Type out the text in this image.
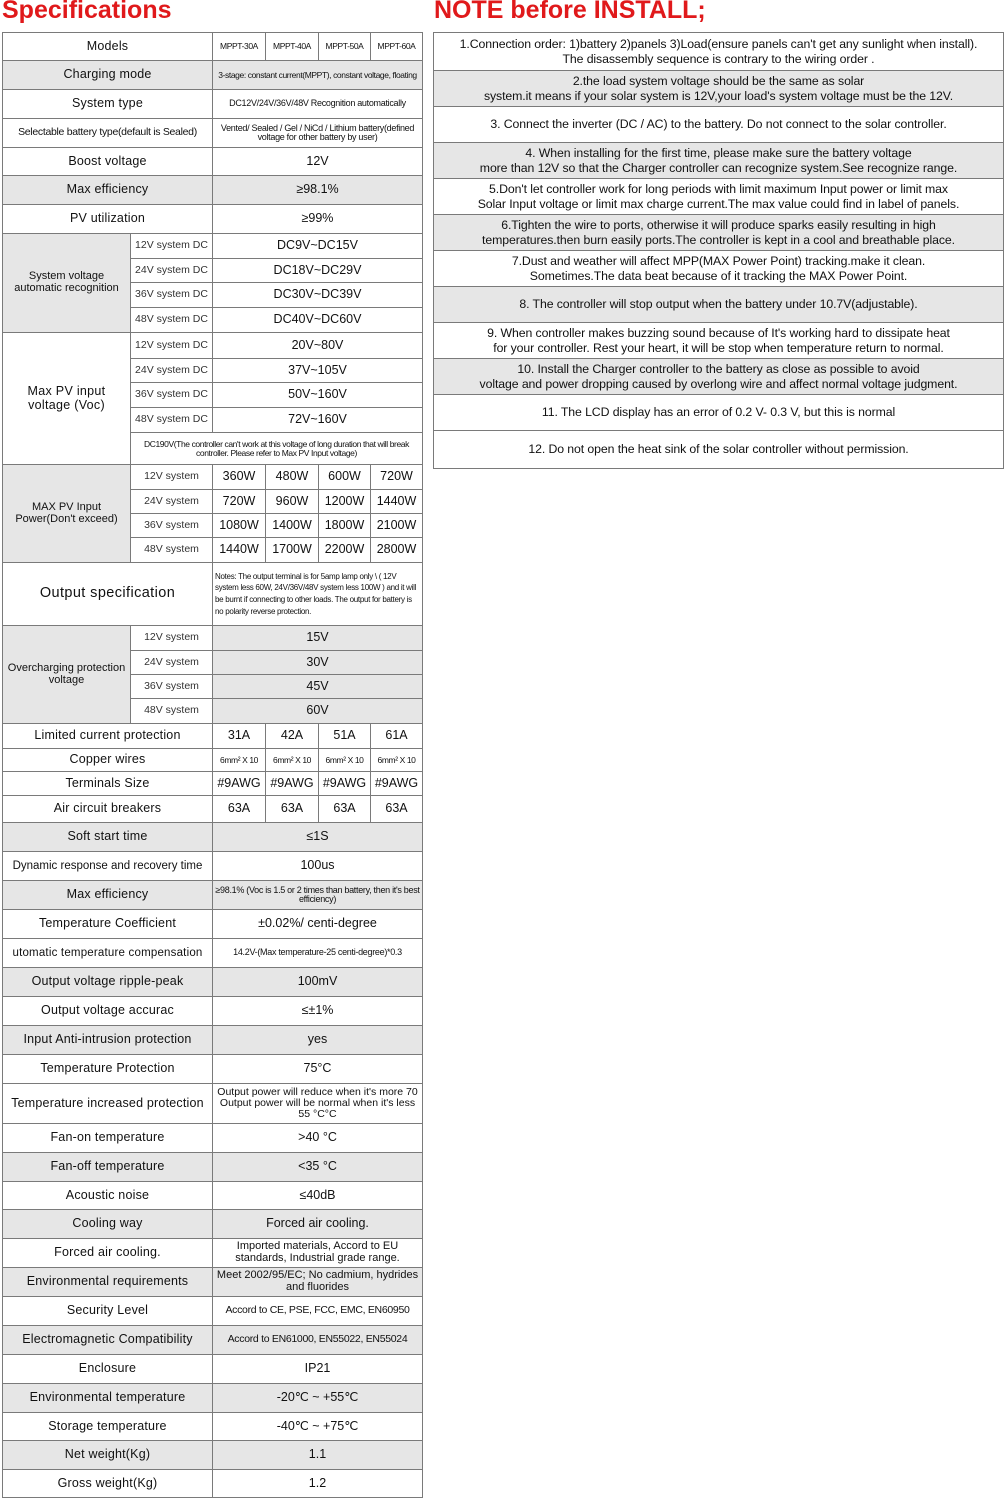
Specifications	NOTE before INSTALL;
Models		MPPT-30A	MPPT-40A	MPPT-50A	MPPT-60A
Charging mode		3-stage: constant current(MPPT), constant voltage, floating			
System type		DC12V/24V/36V/48V Recognition automatically			
Selectable battery type(default is Sealed)		Vented/ Sealed / Gel / NiCd / Lithium battery(defined voltage for other battery by user)			
Boost voltage		12V			
Max efficiency		≥98.1%			
PV utilization		≥99%			
System voltage automatic recognition	12V system DC	DC9V~DC15V			
	24V system DC	DC18V~DC29V			
	36V system DC	DC30V~DC39V			
	48V system DC	DC40V~DC60V			
Max PV input voltage (Voc)	12V system DC	20V~80V			
	24V system DC	37V~105V			
	36V system DC	50V~160V			
	48V system DC	72V~160V			
	DC190V(The controller can't work at this voltage of long duration that will break controller. Please refer to Max PV Input voltage)				
MAX PV Input Power(Don't exceed)	12V system	360W	480W	600W	720W
	24V system	720W	960W	1200W	1440W
	36V system	1080W	1400W	1800W	2100W
	48V system	1440W	1700W	2200W	2800W
Output specification		Notes: The output terminal is for 5amp lamp only \ ( 12V system less 60W, 24V/36V/48V system less 100W ) and it will be burnt if connecting to other loads. The output for battery is no polarity reverse protection.			
Overcharging protection voltage	12V system	15V			
	24V system	30V			
	36V system	45V			
	48V system	60V			
Limited current protection		31A	42A	51A	61A
Copper wires		6mm² X 10	6mm² X 10	6mm² X 10	6mm² X 10
Terminals Size		#9AWG	#9AWG	#9AWG	#9AWG
Air circuit breakers		63A	63A	63A	63A
Soft start time		≤1S			
Dynamic response and recovery time		100us			
Max efficiency		≥98.1% (Voc is 1.5 or 2 times than battery, then it's best efficiency)			
Temperature Coefficient		±0.02%/ centi-degree			
utomatic temperature compensation		14.2V-(Max temperature-25 centi-degree)*0.3			
Output voltage ripple-peak		100mV			
Output voltage accurac		≤±1%			
Input Anti-intrusion protection		yes			
Temperature Protection		75°C			
Temperature increased protection		Output power will reduce when it's more 70 Output power will be normal when it's less 55 °C°C			
Fan-on temperature		>40 °C			
Fan-off temperature		<35 °C			
Acoustic noise		≤40dB			
Cooling way		Forced air cooling.			
Forced air cooling.		Imported materials, Accord to EU standards, Industrial grade range.			
Environmental requirements		Meet 2002/95/EC; No cadmium, hydrides and fluorides			
Security Level		Accord to CE, PSE, FCC, EMC, EN60950			
Electromagnetic Compatibility		Accord to EN61000, EN55022, EN55024			
Enclosure		IP21			
Environmental temperature		-20℃ ~ +55℃			
Storage temperature		-40℃ ~ +75℃			
Net weight(Kg)		1.1			
Gross weight(Kg)		1.2			
1.Connection order: 1)battery 2)panels 3)Load(ensure panels can't get any sunlight when install).
The disassembly sequence is contrary to the wiring order .
2.the load system voltage should be the same as solar
system.it means if your solar system is 12V,your load's system voltage must be the 12V.
3. Connect the inverter (DC / AC) to the battery. Do not connect to the solar controller.
4. When installing for the first time, please make sure the battery voltage
more than 12V so that the Charger controller can recognize system.See recognize range.
5.Don't let controller work for long periods with limit maximum Input power or limit max
Solar Input voltage or limit max charge current.The max value could find in label of panels.
6.Tighten the wire to ports, otherwise it will produce sparks easily resulting in high
temperatures.then burn easily ports.The controller is kept in a cool and breathable place.
7.Dust and weather will affect MPP(MAX Power Point) tracking.make it clean.
Sometimes.The data beat because of it tracking the MAX Power Point.
8. The controller will stop output when the battery under 10.7V(adjustable).
9. When controller makes buzzing sound because of It's working hard to dissipate heat
for your controller. Rest your heart, it will be stop when temperature return to normal.
10. Install the Charger controller to the battery as close as possible to avoid
voltage and power dropping caused by overlong wire and affect normal voltage judgment.
11. The LCD display has an error of 0.2 V- 0.3 V, but this is normal
12. Do not open the heat sink of the solar controller without permission.
